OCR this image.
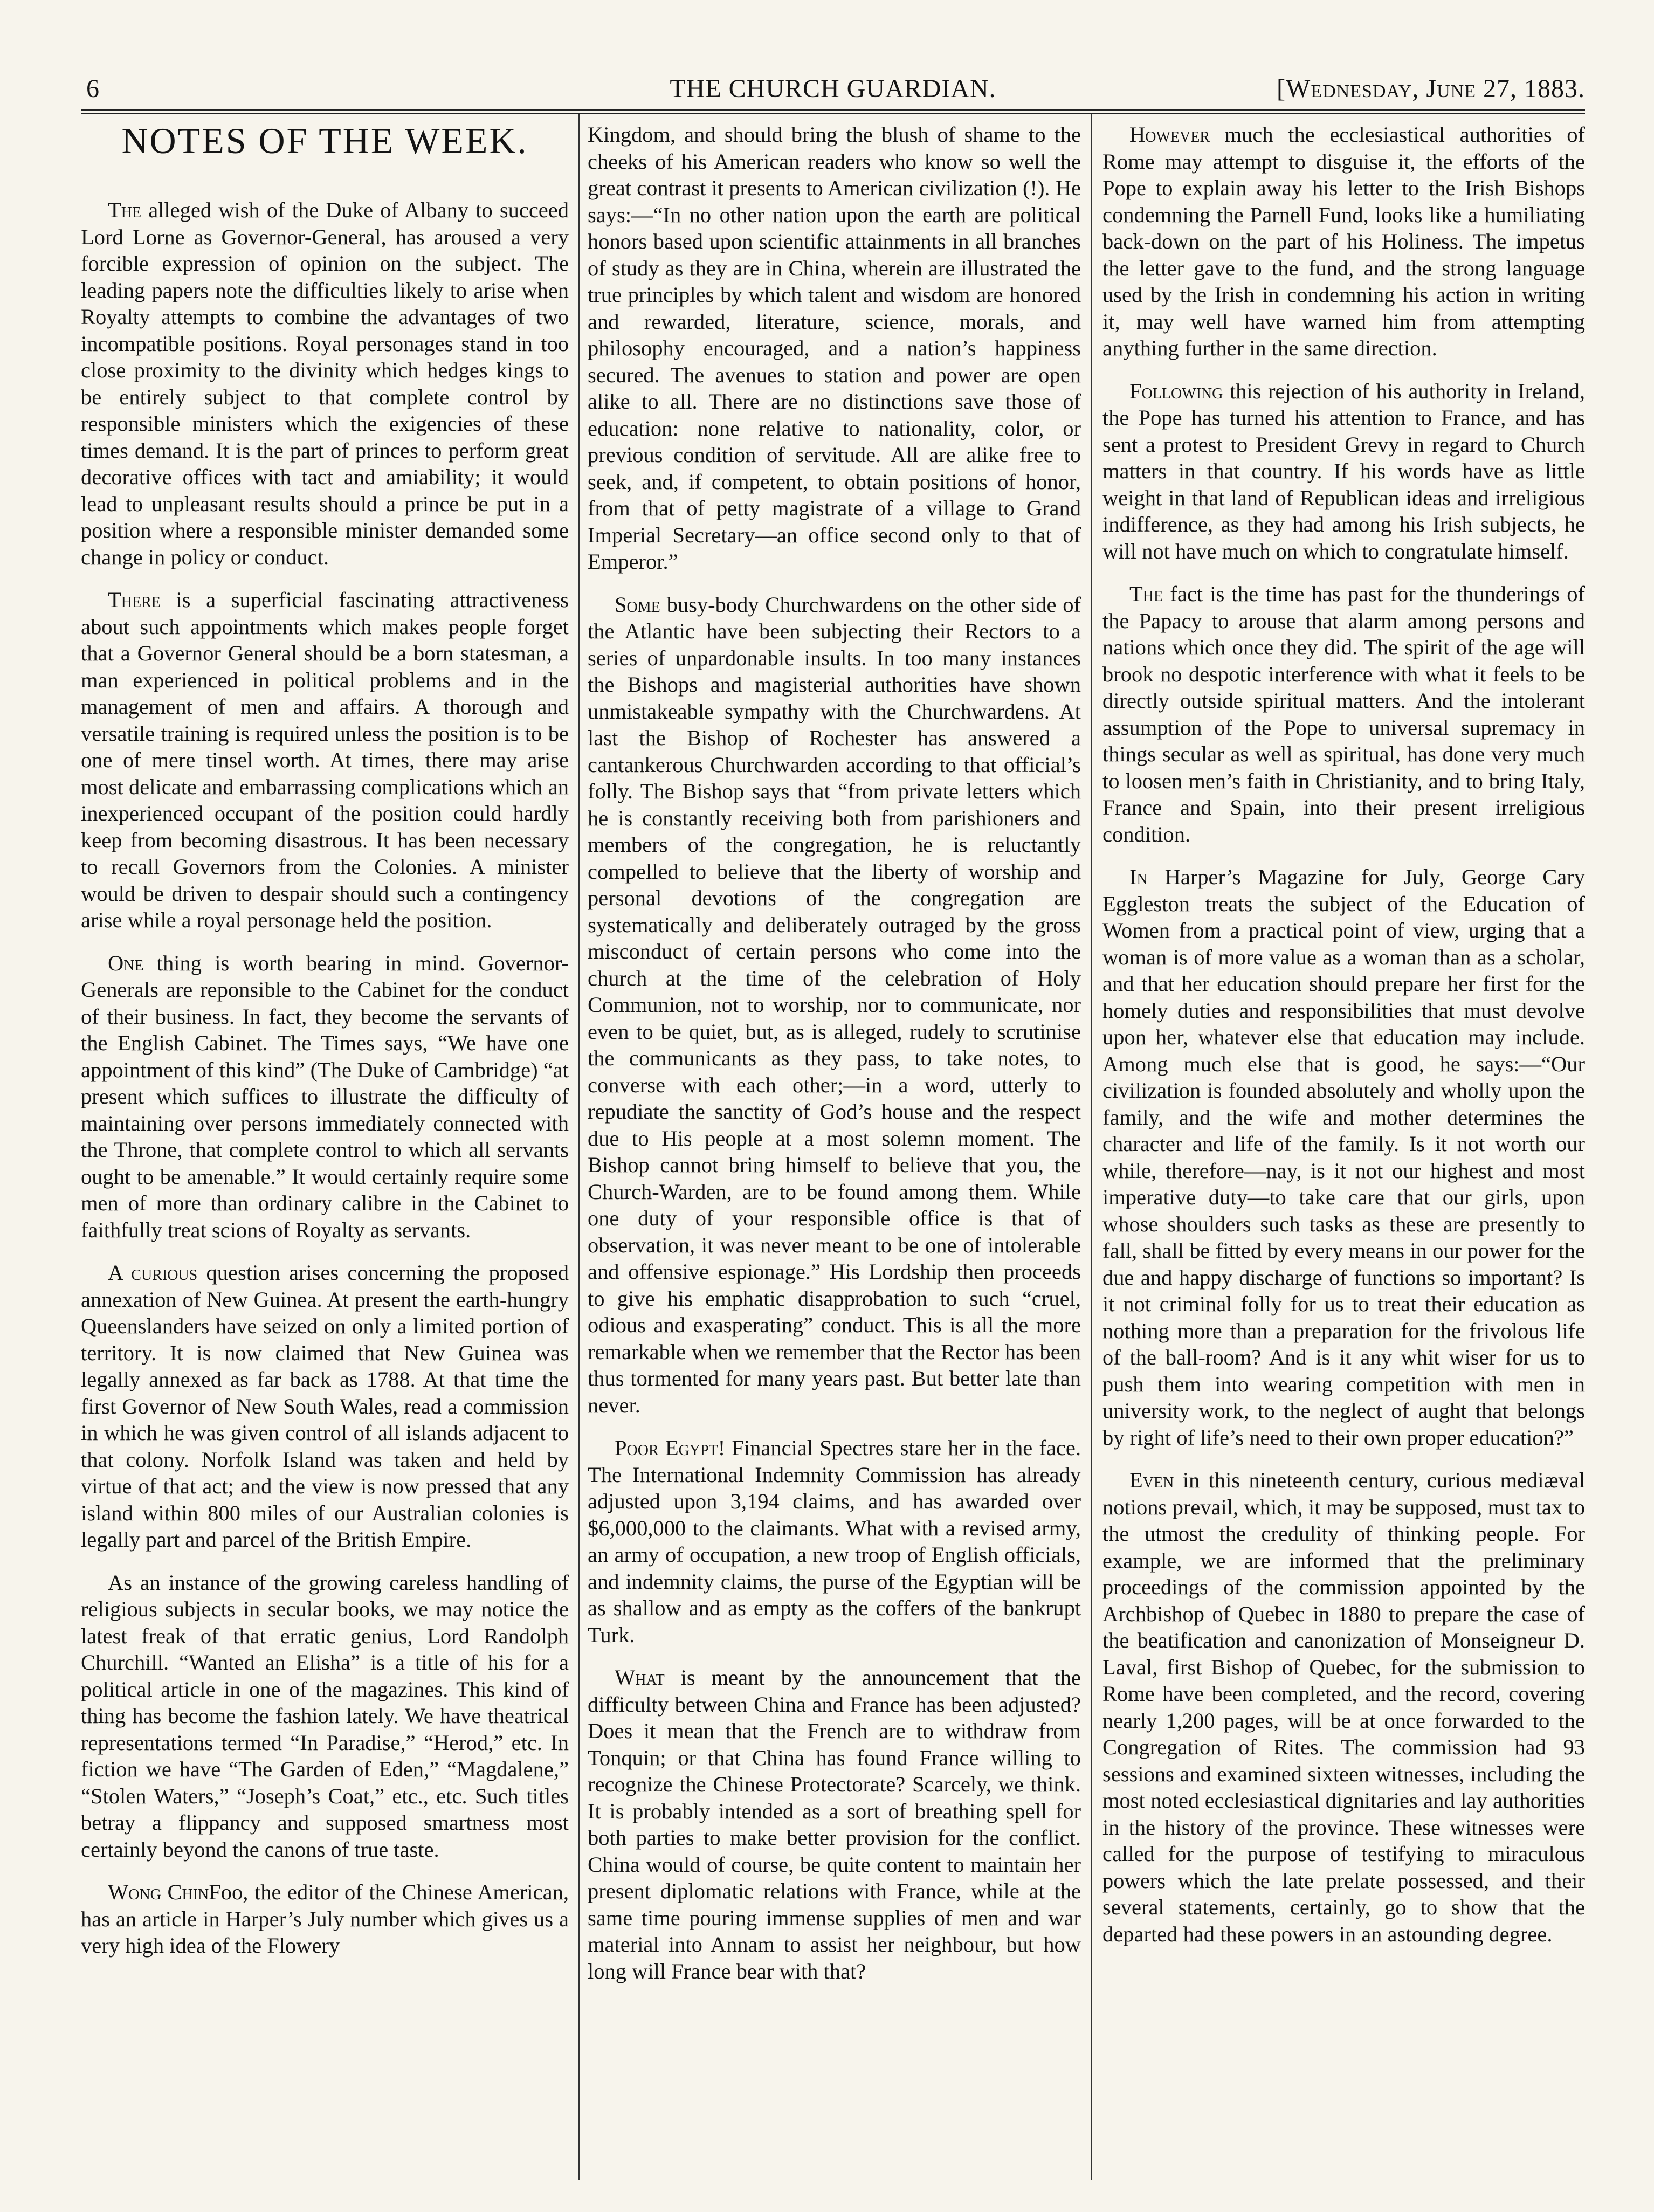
6	THE CHURCH GUARDIAN.	[Wednesday, June 27, 1883.
NOTES OF THE WEEK.

The alleged wish of the Duke of Albany to succeed Lord Lorne as Governor-General, has aroused a very forcible expression of opinion on the subject. The leading papers note the difficulties likely to arise when Royalty attempts to combine the advantages of two incompatible positions. Royal personages stand in too close proximity to the divinity which hedges kings to be entirely subject to that complete control by responsible ministers which the exigencies of these times demand. It is the part of princes to perform great decorative offices with tact and amiability; it would lead to unpleasant results should a prince be put in a position where a responsible minister demanded some change in policy or conduct.

There is a superficial fascinating attractiveness about such appointments which makes people forget that a Governor General should be a born statesman, a man experienced in political problems and in the management of men and affairs. A thorough and versatile training is required unless the position is to be one of mere tinsel worth. At times, there may arise most delicate and embarrassing complications which an inexperienced occupant of the position could hardly keep from becoming disastrous. It has been necessary to recall Governors from the Colonies. A minister would be driven to despair should such a contingency arise while a royal personage held the position.

One thing is worth bearing in mind. Governor-Generals are reponsible to the Cabinet for the conduct of their business. In fact, they become the servants of the English Cabinet. The Times says, “We have one appointment of this kind” (The Duke of Cambridge) “at present which suffices to illustrate the difficulty of maintaining over persons immediately connected with the Throne, that complete control to which all servants ought to be amenable.” It would certainly require some men of more than ordinary calibre in the Cabinet to faithfully treat scions of Royalty as servants.

A curious question arises concerning the proposed annexation of New Guinea. At present the earth-hungry Queenslanders have seized on only a limited portion of territory. It is now claimed that New Guinea was legally annexed as far back as 1788. At that time the first Governor of New South Wales, read a commission in which he was given control of all islands adjacent to that colony. Norfolk Island was taken and held by virtue of that act; and the view is now pressed that any island within 800 miles of our Australian colonies is legally part and parcel of the British Empire.

As an instance of the growing careless handling of religious subjects in secular books, we may notice the latest freak of that erratic genius, Lord Randolph Churchill. “Wanted an Elisha” is a title of his for a political article in one of the magazines. This kind of thing has become the fashion lately. We have theatrical representations termed “In Paradise,” “Herod,” etc. In fiction we have “The Garden of Eden,” “Magdalene,” “Stolen Waters,” “Joseph’s Coat,” etc., etc. Such titles betray a flippancy and supposed smartness most certainly beyond the canons of true taste.

Wong ChinFoo, the editor of the Chinese American, has an article in Harper’s July number which gives us a very high idea of the Flowery

Kingdom, and should bring the blush of shame to the cheeks of his American readers who know so well the great contrast it presents to American civilization (!). He says:—“In no other nation upon the earth are political honors based upon scientific attainments in all branches of study as they are in China, wherein are illustrated the true principles by which talent and wisdom are honored and rewarded, literature, science, morals, and philosophy encouraged, and a nation’s happiness secured. The avenues to station and power are open alike to all. There are no distinctions save those of education: none relative to nationality, color, or previous condition of servitude. All are alike free to seek, and, if competent, to obtain positions of honor, from that of petty magistrate of a village to Grand Imperial Secretary—an office second only to that of Emperor.”

Some busy-body Churchwardens on the other side of the Atlantic have been subjecting their Rectors to a series of unpardonable insults. In too many instances the Bishops and magisterial authorities have shown unmistakeable sympathy with the Churchwardens. At last the Bishop of Rochester has answered a cantankerous Churchwarden according to that official’s folly. The Bishop says that “from private letters which he is constantly receiving both from parishioners and members of the congregation, he is reluctantly compelled to believe that the liberty of worship and personal devotions of the congregation are systematically and deliberately outraged by the gross misconduct of certain persons who come into the church at the time of the celebration of Holy Communion, not to worship, nor to communicate, nor even to be quiet, but, as is alleged, rudely to scrutinise the communicants as they pass, to take notes, to converse with each other;—in a word, utterly to repudiate the sanctity of God’s house and the respect due to His people at a most solemn moment. The Bishop cannot bring himself to believe that you, the Church-Warden, are to be found among them. While one duty of your responsible office is that of observation, it was never meant to be one of intolerable and offensive espionage.” His Lordship then proceeds to give his emphatic disapprobation to such “cruel, odious and exasperating” conduct. This is all the more remarkable when we remember that the Rector has been thus tormented for many years past. But better late than never.

Poor Egypt! Financial Spectres stare her in the face. The International Indemnity Commission has already adjusted upon 3,194 claims, and has awarded over $6,000,000 to the claimants. What with a revised army, an army of occupation, a new troop of English officials, and indemnity claims, the purse of the Egyptian will be as shallow and as empty as the coffers of the bankrupt Turk.

What is meant by the announcement that the difficulty between China and France has been adjusted? Does it mean that the French are to withdraw from Tonquin; or that China has found France willing to recognize the Chinese Protectorate? Scarcely, we think. It is probably intended as a sort of breathing spell for both parties to make better provision for the conflict. China would of course, be quite content to maintain her present diplomatic relations with France, while at the same time pouring immense supplies of men and war material into Annam to assist her neighbour, but how long will France bear with that?

However much the ecclesiastical authorities of Rome may attempt to disguise it, the efforts of the Pope to explain away his letter to the Irish Bishops condemning the Parnell Fund, looks like a humiliating back-down on the part of his Holiness. The impetus the letter gave to the fund, and the strong language used by the Irish in condemning his action in writing it, may well have warned him from attempting anything further in the same direction.

Following this rejection of his authority in Ireland, the Pope has turned his attention to France, and has sent a protest to President Grevy in regard to Church matters in that country. If his words have as little weight in that land of Republican ideas and irreligious indifference, as they had among his Irish subjects, he will not have much on which to congratulate himself.

The fact is the time has past for the thunderings of the Papacy to arouse that alarm among persons and nations which once they did. The spirit of the age will brook no despotic interference with what it feels to be directly outside spiritual matters. And the intolerant assumption of the Pope to universal supremacy in things secular as well as spiritual, has done very much to loosen men’s faith in Christianity, and to bring Italy, France and Spain, into their present irreligious condition.

In Harper’s Magazine for July, George Cary Eggleston treats the subject of the Education of Women from a practical point of view, urging that a woman is of more value as a woman than as a scholar, and that her education should prepare her first for the homely duties and responsibilities that must devolve upon her, whatever else that education may include. Among much else that is good, he says:—“Our civilization is founded absolutely and wholly upon the family, and the wife and mother determines the character and life of the family. Is it not worth our while, therefore—nay, is it not our highest and most imperative duty—to take care that our girls, upon whose shoulders such tasks as these are presently to fall, shall be fitted by every means in our power for the due and happy discharge of functions so important? Is it not criminal folly for us to treat their education as nothing more than a preparation for the frivolous life of the ball-room? And is it any whit wiser for us to push them into wearing competition with men in university work, to the neglect of aught that belongs by right of life’s need to their own proper education?”

Even in this nineteenth century, curious mediæval notions prevail, which, it may be supposed, must tax to the utmost the credulity of thinking people. For example, we are informed that the preliminary proceedings of the commission appointed by the Archbishop of Quebec in 1880 to prepare the case of the beatification and canonization of Monseigneur D. Laval, first Bishop of Quebec, for the submission to Rome have been completed, and the record, covering nearly 1,200 pages, will be at once forwarded to the Congregation of Rites. The commission had 93 sessions and examined sixteen witnesses, including the most noted ecclesiastical dignitaries and lay authorities in the history of the province. These witnesses were called for the purpose of testifying to miraculous powers which the late prelate possessed, and their several statements, certainly, go to show that the departed had these powers in an astounding degree.
